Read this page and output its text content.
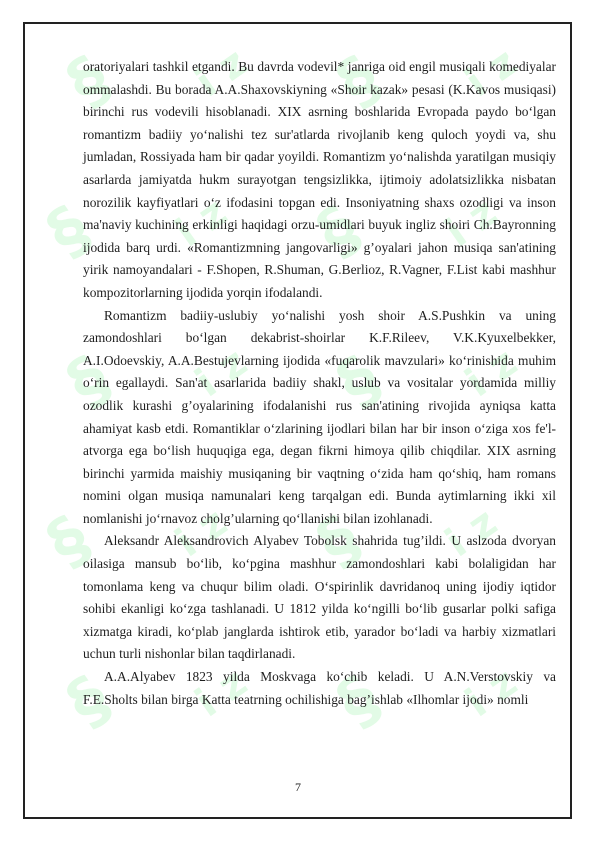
§ i z § i z
§ i z § i z
§ i z § i z
§ i z § i z
§ i z § i z

oratoriyalari tashkil etgandi. Bu davrda vodevil* janriga oid engil musiqali komediyalar ommalashdi. Bu borada A.A.Shaxovskiyning «Shoir kazak» pesasi (K.Kavos musiqasi) birinchi rus vodevili hisoblanadi. XIX asrning boshlarida Evropada paydo bo‘lgan romantizm badiiy yo‘nalishi tez sur'atlarda rivojlanib keng quloch yoydi va, shu jumladan, Rossiyada ham bir qadar yoyildi. Romantizm yo‘nalishda yaratilgan musiqiy asarlarda jamiyatda hukm surayotgan tengsizlikka, ijtimoiy adolatsizlikka nisbatan norozilik kayfiyatlari o‘z ifodasini topgan edi. Insoniyatning shaxs ozodligi va inson ma'naviy kuchining erkinligi haqidagi orzu-umidlari buyuk ingliz shoiri Ch.Bayronning ijodida barq urdi. «Romantizmning jangovarligi» g’oyalari jahon musiqa san'atining yirik namoyandalari - F.Shopen, R.Shuman, G.Berlioz, R.Vagner, F.List kabi mashhur kompozitorlarning ijodida yorqin ifodalandi.

Romantizm badiiy-uslubiy yo‘nalishi yosh shoir A.S.Pushkin va uning zamondoshlari bo‘lgan dekabrist-shoirlar K.F.Rileev, V.K.Kyuxelbekker, A.I.Odoevskiy, A.A.Bestujevlarning ijodida «fuqarolik mavzulari» ko‘rinishida muhim o‘rin egallaydi. San'at asarlarida badiiy shakl, uslub va vositalar yordamida milliy ozodlik kurashi g’oyalarining ifodalanishi rus san'atining rivojida ayniqsa katta ahamiyat kasb etdi. Romantiklar o‘zlarining ijodlari bilan har bir inson o‘ziga xos fe'l-atvorga ega bo‘lish huquqiga ega, degan fikrni himoya qilib chiqdilar. XIX asrning birinchi yarmida maishiy musiqaning bir vaqtning o‘zida ham qo‘shiq, ham romans nomini olgan musiqa namunalari keng tarqalgan edi. Bunda aytimlarning ikki xil nomlanishi jo‘rnavoz cholg’ularning qo‘llanishi bilan izohlanadi.

Aleksandr Aleksandrovich Alyabev Tobolsk shahrida tug’ildi. U aslzoda dvoryan oilasiga mansub bo‘lib, ko‘pgina mashhur zamondoshlari kabi bolaligidan har tomonlama keng va chuqur bilim oladi. O‘spirinlik davridanoq uning ijodiy iqtidor sohibi ekanligi ko‘zga tashlanadi. U 1812 yilda ko‘ngilli bo‘lib gusarlar polki safiga xizmatga kiradi, ko‘plab janglarda ishtirok etib, yarador bo‘ladi va harbiy xizmatlari uchun turli nishonlar bilan taqdirlanadi.

A.A.Alyabev 1823 yilda Moskvaga ko‘chib keladi. U A.N.Verstovskiy va F.E.Sholts bilan birga Katta teatrning ochilishiga bag’ishlab «Ilhomlar ijodi» nomli

7
